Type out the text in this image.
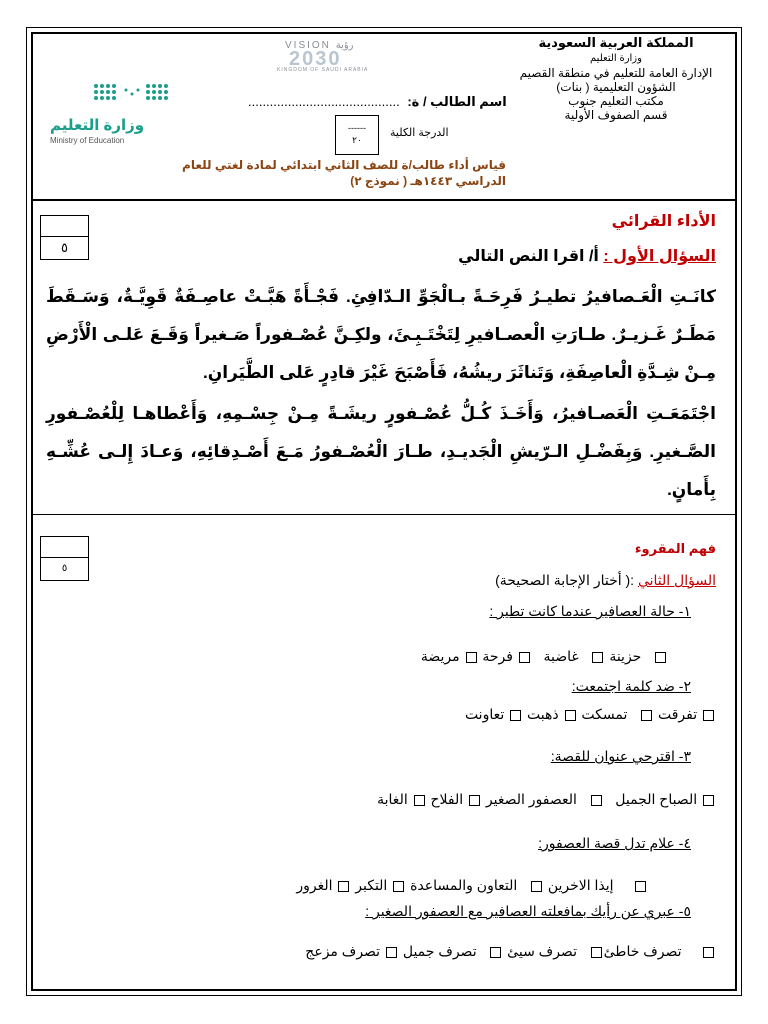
المملكة العربية السعودية
وزارة التعليم
الإدارة العامة للتعليم في منطقة القصيم
الشؤون التعليمية ( بنات)
مكتب التعليم جنوب
قسم الصفوف الأولية
VISION رؤية
2030
KINGDOM OF SAUDI ARABIA
وزارة التعليم
Ministry of Education
اسم الطالب / ة: ..........................................
الدرجة الكلية
------
٢٠
قياس أداء طالب/ة للصف الثاني ابتدائي لمادة لغتي للعام
الدراسي ١٤٤٣هـ ( نموذج ٢)
٥
الأداء القرائي
السؤال الأول : أ/ اقرا النص التالي
كانَـتِ الْعَـصافيرُ تطيـرُ فَرِحَـةً بـالْجَوِّ الـدّافِئِ. فَجْـأَةً هَبَّـتْ عاصِـفَةٌ قَوِيَّـةٌ، وَسَـقَطَ مَطَـرٌ غَـزيـرٌ. طـارَتِ الْعصـافيرِ لِتَخْتَـبِـئَ، ولكِـنَّ عُصْـفوراً صَـغيراً وَقَـعَ عَلـى الْأَرْضِ مِـنْ شِـدَّةِ الْعاصِفَةِ، وَتَناثَرَ ريشُهُ، فَأَصْبَحَ غَيْرَ قادِرٍ عَلى الطَّيَرانِ.
اجْتَمَعَـتِ الْعَصـافيرُ، وَأَخَـذَ كُـلُّ عُصْـفورٍ ريشَـةً مِـنْ جِسْـمِهِ، وَأَعْطاهـا لِلْعُصْـفورِ الصَّـغيرِ. وَبِفَضْـلِ الـرّيشِ الْجَديـدِ، طـارَ الْعُصْـفورُ مَـعَ أَصْـدِقائِهِ، وَعـادَ إِلـى عُشِّـهِ بِأَمانٍ.
٥
فهم المقروء
السؤال الثاني :( أختار الإجابة الصحيحة)
١- حالة العصافير عندما كانت تطير :
حزينة    غاضبة    فرحة  مريضة
٢- ضد كلمة اجتمعت:
تفرقت    تمسكت  ذهبت  تعاونت
٣- اقترحي عنوان للقصة:
الصباح الجميل      العصفور الصغير  الفلاح  الغابة
٤- علام تدل قصة العصفور:
إيذا الاخرين    التعاون والمساعدة  التكبر  الغرور
٥- عبري عن رأيك بمافعلته العصافير مع العصفور الصغير :
تصرف خاطئ   تصرف سيئ    تصرف جميل  تصرف مزعج
